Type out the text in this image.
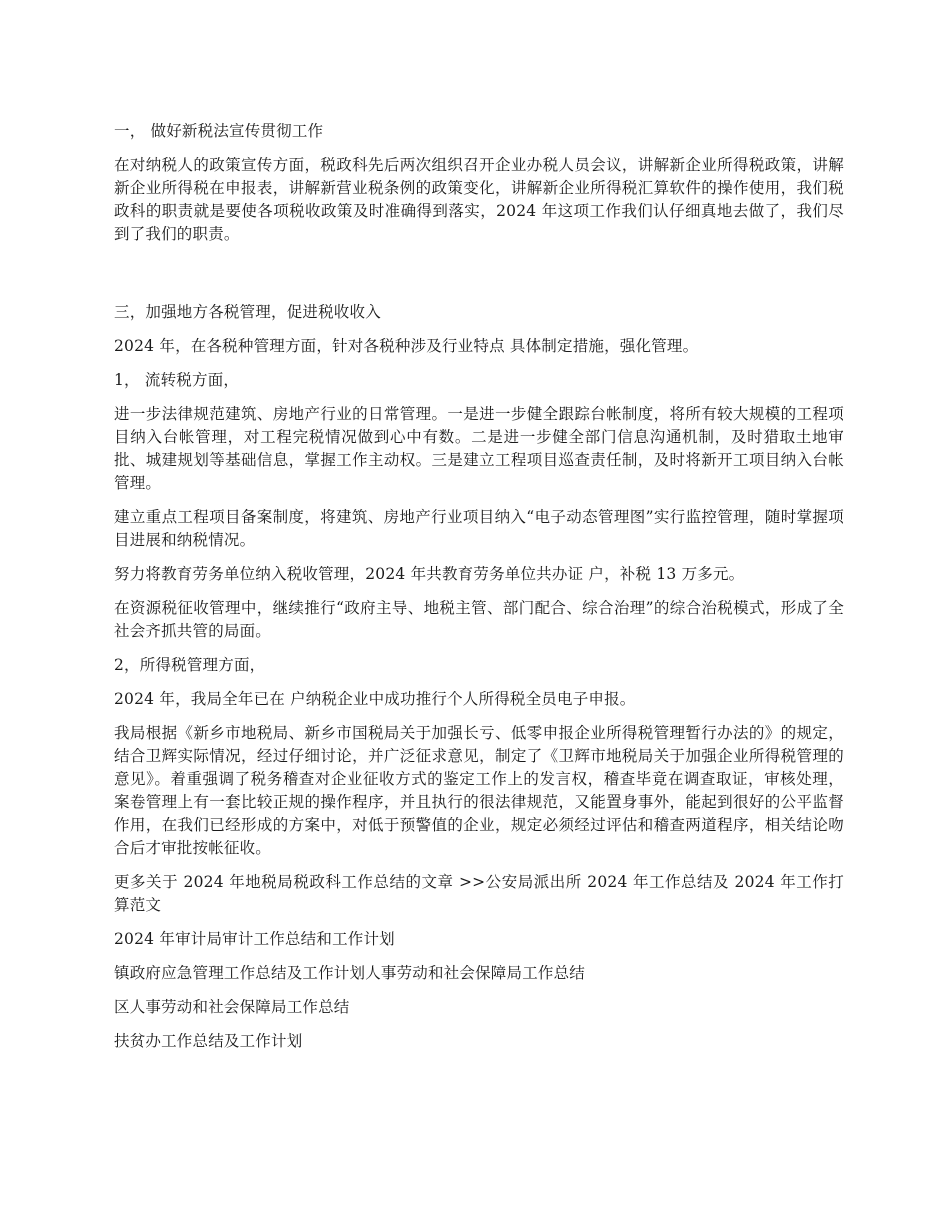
一， 做好新税法宣传贯彻工作
在对纳税人的政策宣传方面，税政科先后两次组织召开企业办税人员会议，讲解新企业所得税政策，讲解新企业所得税在申报表，讲解新营业税条例的政策变化，讲解新企业所得税汇算软件的操作使用，我们税政科的职责就是要使各项税收政策及时准确得到落实，2024 年这项工作我们认仔细真地去做了，我们尽到了我们的职责。
三，加强地方各税管理，促进税收收入
2024 年，在各税种管理方面，针对各税种涉及行业特点 具体制定措施，强化管理。
1， 流转税方面，
进一步法律规范建筑、房地产行业的日常管理。一是进一步健全跟踪台帐制度，将所有较大规模的工程项目纳入台帐管理，对工程完税情况做到心中有数。二是进一步健全部门信息沟通机制，及时猎取土地审批、城建规划等基础信息，掌握工作主动权。三是建立工程项目巡查责任制，及时将新开工项目纳入台帐管理。
建立重点工程项目备案制度，将建筑、房地产行业项目纳入“电子动态管理图”实行监控管理，随时掌握项目进展和纳税情况。
努力将教育劳务单位纳入税收管理，2024 年共教育劳务单位共办证 户，补税 13 万多元。
在资源税征收管理中，继续推行“政府主导、地税主管、部门配合、综合治理”的综合治税模式，形成了全社会齐抓共管的局面。
2，所得税管理方面，
2024 年，我局全年已在 户纳税企业中成功推行个人所得税全员电子申报。
我局根据《新乡市地税局、新乡市国税局关于加强长亏、低零申报企业所得税管理暂行办法的》的规定，结合卫辉实际情况，经过仔细讨论，并广泛征求意见，制定了《卫辉市地税局关于加强企业所得税管理的意见》。着重强调了税务稽查对企业征收方式的鉴定工作上的发言权，稽查毕竟在调查取证，审核处理，案卷管理上有一套比较正规的操作程序，并且执行的很法律规范，又能置身事外，能起到很好的公平监督作用，在我们已经形成的方案中，对低于预警值的企业，规定必须经过评估和稽查两道程序，相关结论吻合后才审批按帐征收。
更多关于 2024 年地税局税政科工作总结的文章 >>公安局派出所 2024 年工作总结及 2024 年工作打算范文
2024 年审计局审计工作总结和工作计划
镇政府应急管理工作总结及工作计划人事劳动和社会保障局工作总结
区人事劳动和社会保障局工作总结
扶贫办工作总结及工作计划
